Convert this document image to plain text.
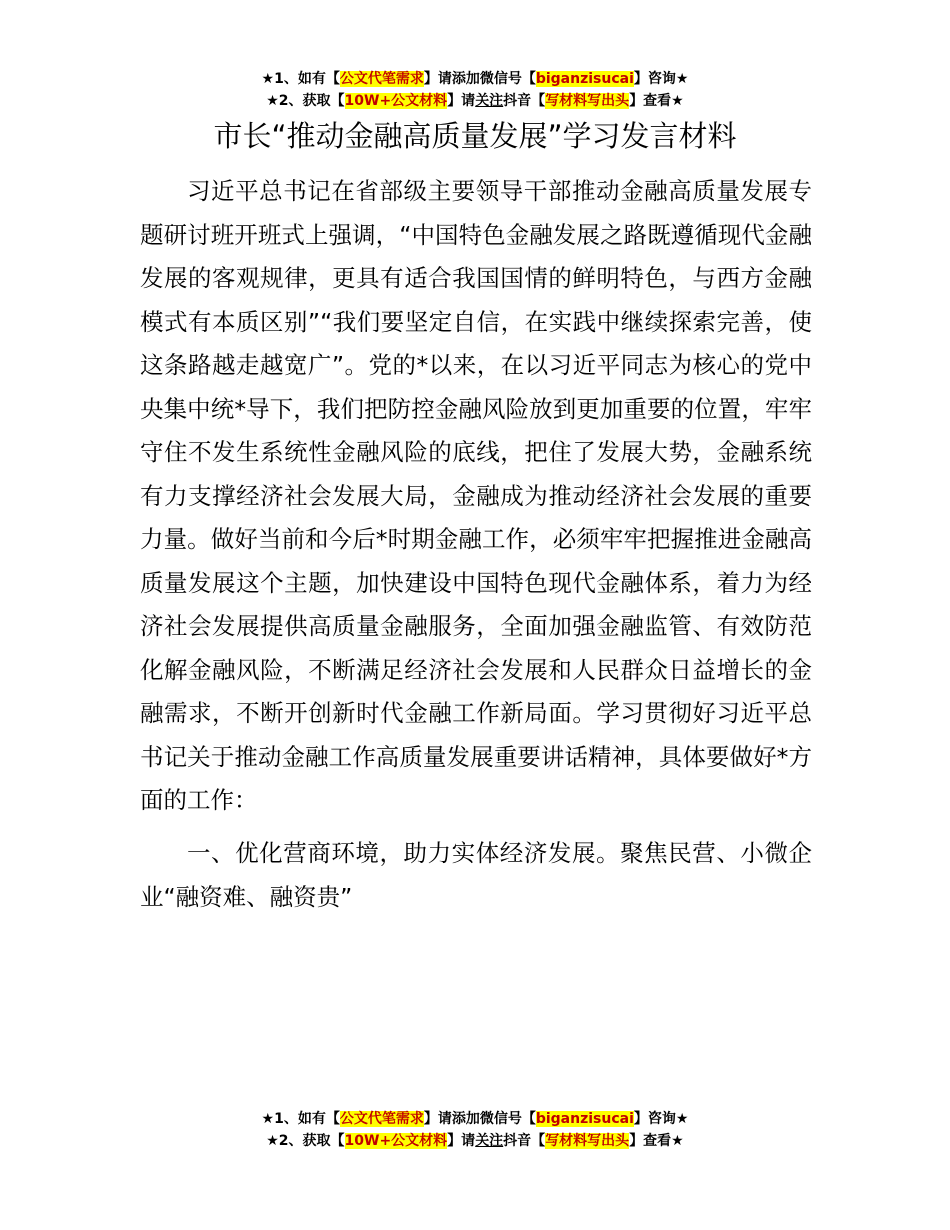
★1、如有【公文代笔需求】请添加微信号【biganzisucai】咨询★
★2、获取【10W+公文材料】请关注抖音【写材料写出头】查看★
市长“推动金融高质量发展”学习发言材料

习近平总书记在省部级主要领导干部推动金融高质量发展专题研讨班开班式上强调，“中国特色金融发展之路既遵循现代金融发展的客观规律，更具有适合我国国情的鲜明特色，与西方金融模式有本质区别”“我们要坚定自信，在实践中继续探索完善，使这条路越走越宽广”。党的*以来，在以习近平同志为核心的党中央集中统*导下，我们把防控金融风险放到更加重要的位置，牢牢守住不发生系统性金融风险的底线，把住了发展大势，金融系统有力支撑经济社会发展大局，金融成为推动经济社会发展的重要力量。做好当前和今后*时期金融工作，必须牢牢把握推进金融高质量发展这个主题，加快建设中国特色现代金融体系，着力为经济社会发展提供高质量金融服务，全面加强金融监管、有效防范化解金融风险，不断满足经济社会发展和人民群众日益增长的金融需求，不断开创新时代金融工作新局面。学习贯彻好习近平总书记关于推动金融工作高质量发展重要讲话精神，具体要做好*方面的工作：

一、优化营商环境，助力实体经济发展。聚焦民营、小微企业“融资难、融资贵”

★1、如有【公文代笔需求】请添加微信号【biganzisucai】咨询★
★2、获取【10W+公文材料】请关注抖音【写材料写出头】查看★
